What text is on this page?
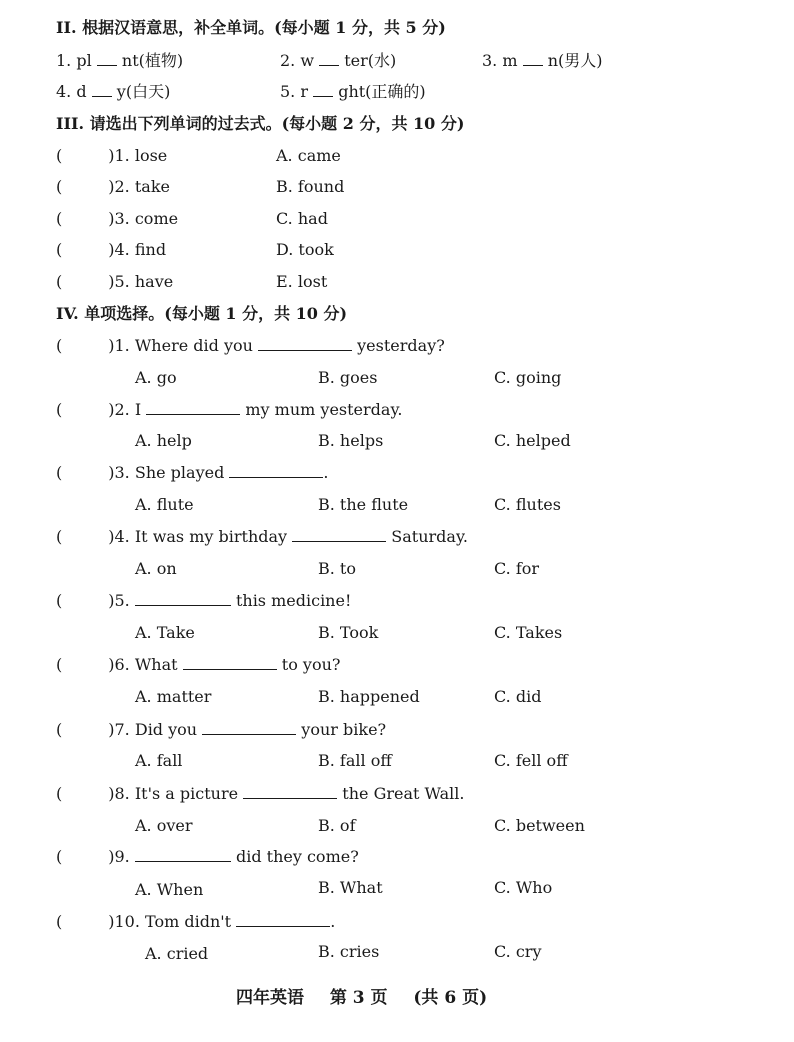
II. 根据汉语意思，补全单词。(每小题 1 分，共 5 分)
1. pl nt(植物)	2. w ter(水)	3. m n(男人)
4. d y(白天)	5. r ght(正确的)
III. 请选出下列单词的过去式。(每小题 2 分，共 10 分)
(	)1. lose	A. came
(	)2. take	B. found
(	)3. come	C. had
(	)4. find	D. took
(	)5. have	E. lost
IV. 单项选择。(每小题 1 分，共 10 分)
(	)1. Where did you	yesterday?
A. go	B. goes	C. going
(	)2. I	my mum yesterday.
A. help	B. helps	C. helped
(	)3. She played	.
A. flute	B. the flute	C. flutes
(	)4. It was my birthday	Saturday.
A. on	B. to	C. for
(	)5.	this medicine!
A. Take	B. Took	C. Takes
(	)6. What	to you?
A. matter	B. happened	C. did
(	)7. Did you	your bike?
A. fall	B. fall off	C. fell off
(	)8. It's a picture	the Great Wall.
A. over	B. of	C. between
(	)9.	did they come?
A. When	B. What	C. Who
(	)10. Tom didn't	.
A. cried	B. cries	C. cry
四年英语 第 3 页 (共 6 页)
